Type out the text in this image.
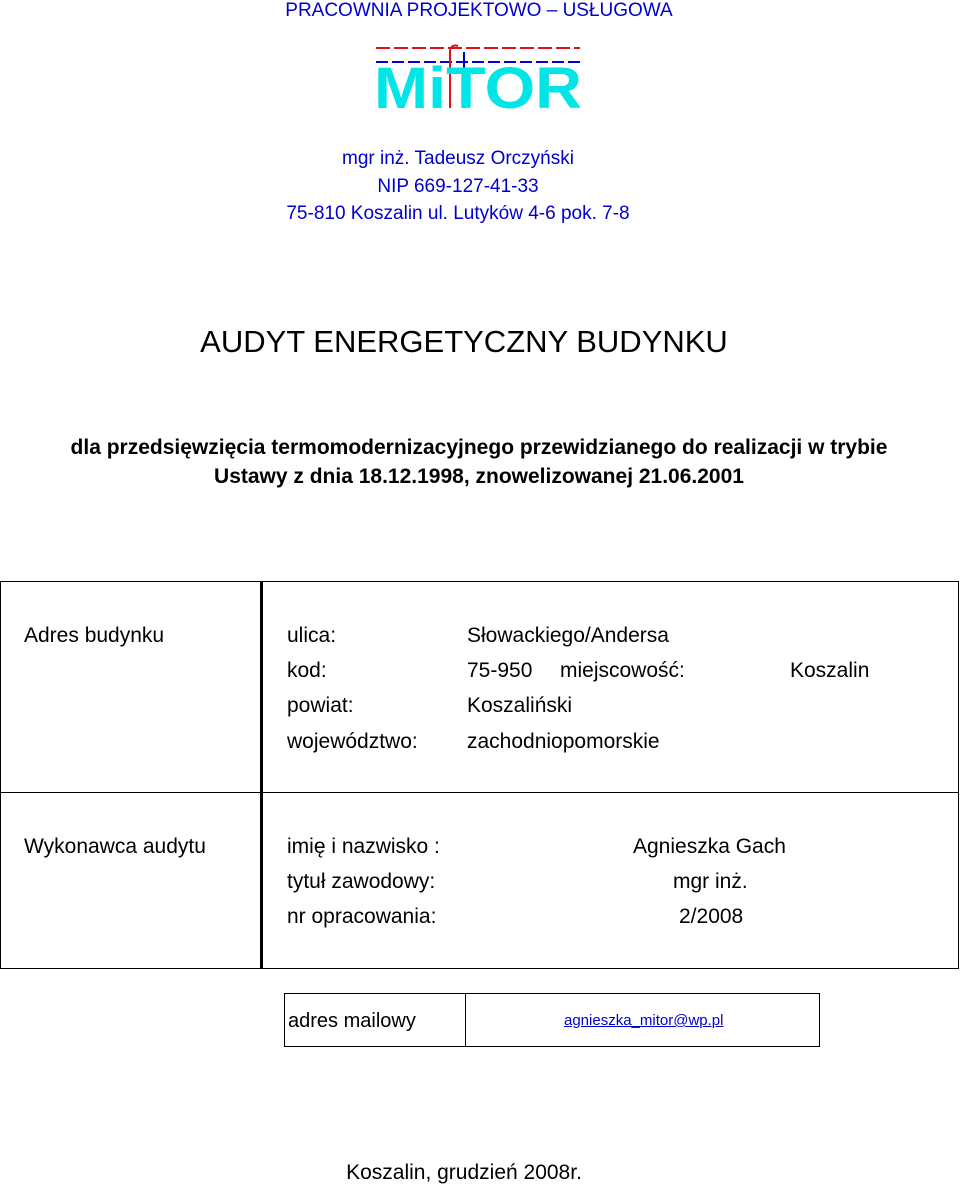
PRACOWNIA PROJEKTOWO – USŁUGOWA
MiTOR
mgr inż. Tadeusz Orczyński
NIP 669-127-41-33
75-810 Koszalin ul. Lutyków 4-6 pok. 7-8
AUDYT ENERGETYCZNY BUDYNKU
dla przedsięwzięcia termomodernizacyjnego przewidzianego do realizacji w trybie
Ustawy z dnia 18.12.1998, znowelizowanej 21.06.2001
Adres budynku	ulica:	Słowackiego/Andersa
kod:	75-950 miejscowość:	Koszalin
powiat:	Koszaliński
województwo: zachodniopomorskie
Wykonawca audytu	imię i nazwisko :	Agnieszka Gach
tytuł zawodowy:	mgr inż.
nr opracowania:	2/2008
adres mailowy	agnieszka_mitor@wp.pl
Koszalin, grudzień 2008r.
